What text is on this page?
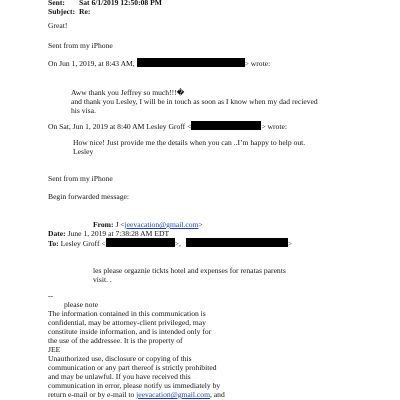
Sent: Sat 6/1/2019 12:50:08 PM
Subject: Re:
Great!
Sent from my iPhone
On Jun 1, 2019, at 8:43 AM,	> wrote:
Aww thank you Jeffrey so much!!!�
and thank you Lesley, I will be in touch as soon as I know when my dad recieved
his visa.
On Sat, Jun 1, 2019 at 8:40 AM Lesley Groff <	> wrote:
How nice! Just provide me the details when you can ..I’m happy to help out.
Lesley
Sent from my iPhone
Begin forwarded message:
From: J <jeevacation@gmail.com>
Date: June 1, 2019 at 7:38:28 AM EDT
To: Lesley Groff <	>,	>
les please orgaznie tickts hotel and expenses for renatas parents
visit. .
--
please note
The information contained in this communication is
confidential, may be attorney-client privileged, may
constitute inside information, and is intended only for
the use of the addressee. It is the property of
JEE
Unauthorized use, disclosure or copying of this
communication or any part thereof is strictly prohibited
and may be unlawful. If you have received this
communication in error, please notify us immediately by
return e-mail or by e-mail to jeevacation@gmail.com, and
